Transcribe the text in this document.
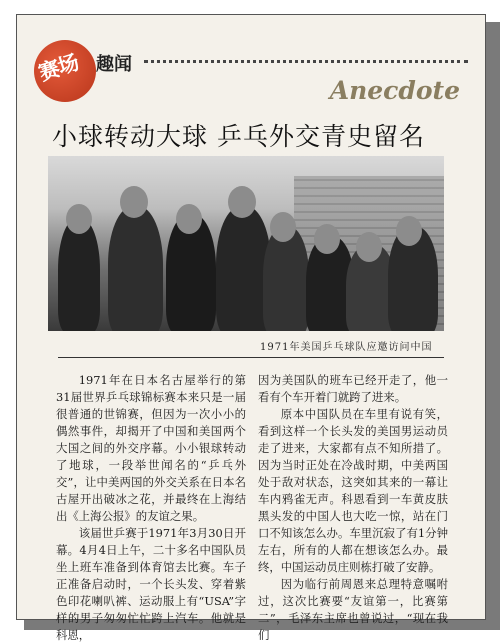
赛场 趣闻
Anecdote
小球转动大球 乒乓外交青史留名
1971年美国乒乓球队应邀访问中国

1971年在日本名古屋举行的第31届世界乒乓球锦标赛本来只是一届很普通的世锦赛，但因为一次小小的偶然事件，却揭开了中国和美国两个大国之间的外交序幕。小小银球转动了地球，一段举世闻名的“乒乓外交”，让中美两国的外交关系在日本名古屋开出破冰之花，并最终在上海结出《上海公报》的友谊之果。

该届世乒赛于1971年3月30日开幕。4月4日上午，二十多名中国队员坐上班车准备到体育馆去比赛。车子正准备启动时，一个长头发、穿着紫色印花喇叭裤、运动服上有“USA”字样的男子匆匆忙忙跨上汽车。他就是科恩，

因为美国队的班车已经开走了，他一看有个车开着门就跨了进来。

原本中国队员在车里有说有笑，看到这样一个长头发的美国男运动员走了进来，大家都有点不知所措了。因为当时正处在冷战时期，中美两国处于敌对状态，这突如其来的一幕让车内鸦雀无声。科恩看到一车黄皮肤黑头发的中国人也大吃一惊，站在门口不知该怎么办。车里沉寂了有1分钟左右，所有的人都在想该怎么办。最终，中国运动员庄则栋打破了安静。

因为临行前周恩来总理特意嘱咐过，这次比赛要“友谊第一，比赛第二”，毛泽东主席也曾说过，“现在我们
